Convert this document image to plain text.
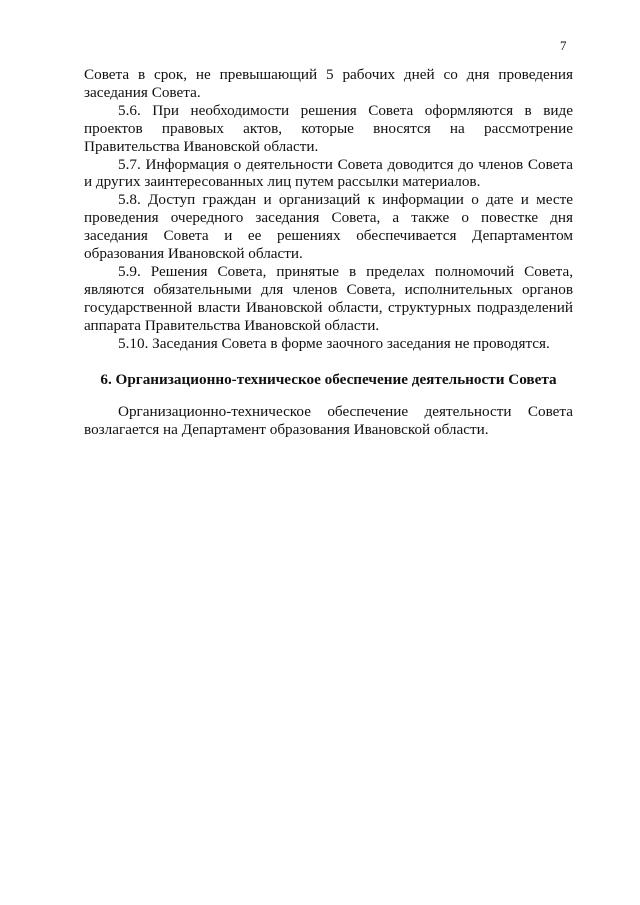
7

Совета в срок, не превышающий 5 рабочих дней со дня проведения заседания Совета.

5.6. При необходимости решения Совета оформляются в виде проектов правовых актов, которые вносятся на рассмотрение Правительства Ивановской области.

5.7. Информация о деятельности Совета доводится до членов Совета и других заинтересованных лиц путем рассылки материалов.

5.8. Доступ граждан и организаций к информации о дате и месте проведения очередного заседания Совета, а также о повестке дня заседания Совета и ее решениях обеспечивается Департаментом образования Ивановской области.

5.9. Решения Совета, принятые в пределах полномочий Совета, являются обязательными для членов Совета, исполнительных органов государственной власти Ивановской области, структурных подразделений аппарата Правительства Ивановской области.

5.10. Заседания Совета в форме заочного заседания не проводятся.

6. Организационно-техническое обеспечение деятельности Совета

Организационно-техническое обеспечение деятельности Совета возлагается на Департамент образования Ивановской области.
